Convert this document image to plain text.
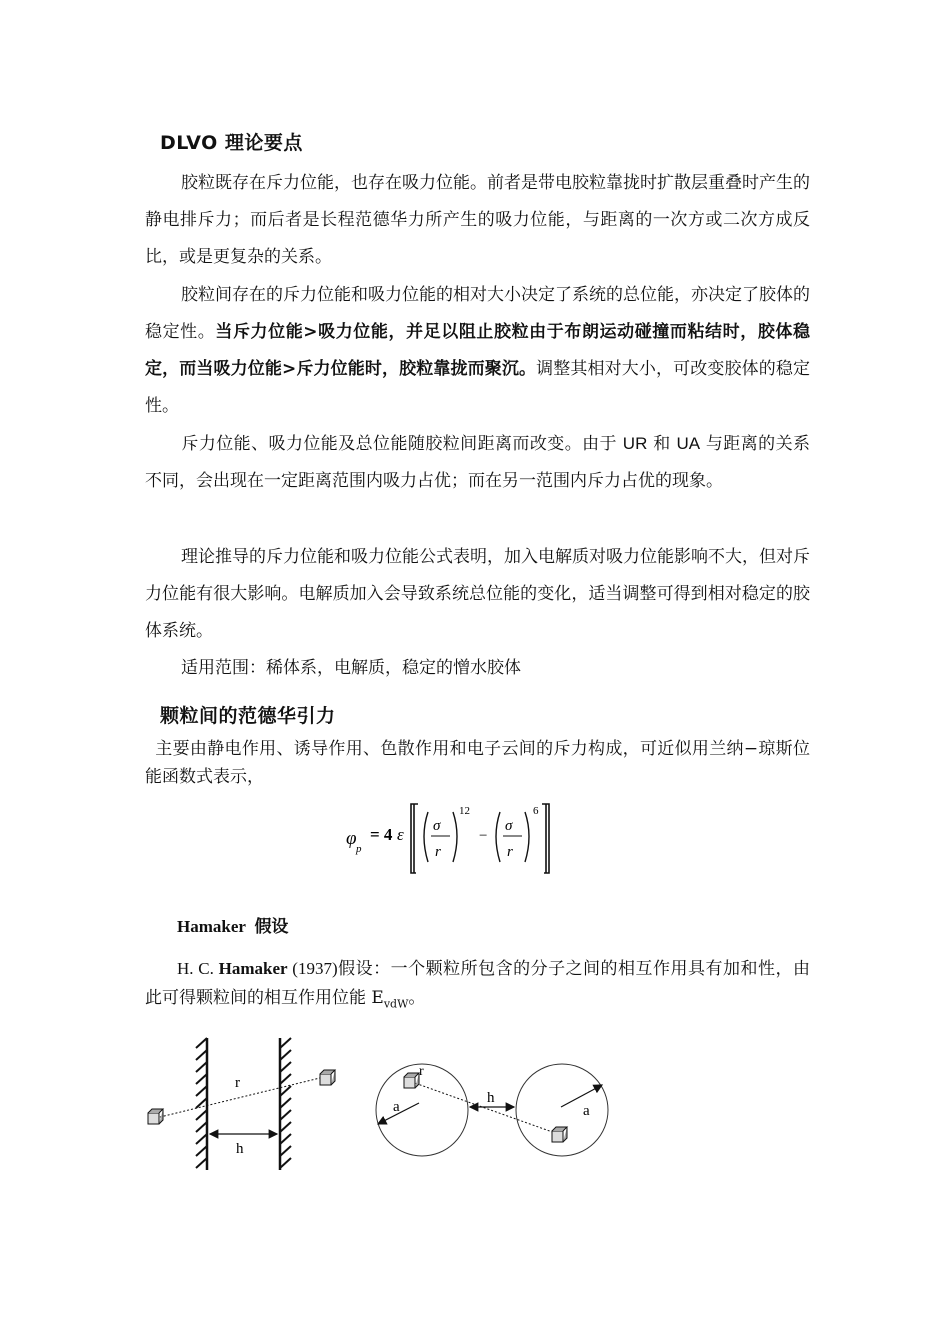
DLVO 理论要点

胶粒既存在斥力位能，也存在吸力位能。前者是带电胶粒靠拢时扩散层重叠时产生的静电排斥力；而后者是长程范德华力所产生的吸力位能，与距离的一次方或二次方成反比，或是更复杂的关系。

胶粒间存在的斥力位能和吸力位能的相对大小决定了系统的总位能，亦决定了胶体的稳定性。当斥力位能>吸力位能，并足以阻止胶粒由于布朗运动碰撞而粘结时，胶体稳定，而当吸力位能>斥力位能时，胶粒靠拢而聚沉。调整其相对大小，可改变胶体的稳定性。

斥力位能、吸力位能及总位能随胶粒间距离而改变。由于 UR 和 UA 与距离的关系不同，会出现在一定距离范围内吸力占优；而在另一范围内斥力占优的现象。

理论推导的斥力位能和吸力位能公式表明，加入电解质对吸力位能影响不大，但对斥力位能有很大影响。电解质加入会导致系统总位能的变化，适当调整可得到相对稳定的胶体系统。

适用范围：稀体系，电解质，稳定的憎水胶体

颗粒间的范德华引力

主要由静电作用、诱导作用、色散作用和电子云间的斥力构成，可近似用兰纳−琼斯位能函数式表示，

φ p
= 4 ε σ
r
12
−
σ
r
6
Hamaker 假设

H. C. Hamaker (1937)假设：一个颗粒所包含的分子之间的相互作用具有加和性，由此可得颗粒间的相互作用位能 $E_{vdW}$。

r
h
r
h
a	a
